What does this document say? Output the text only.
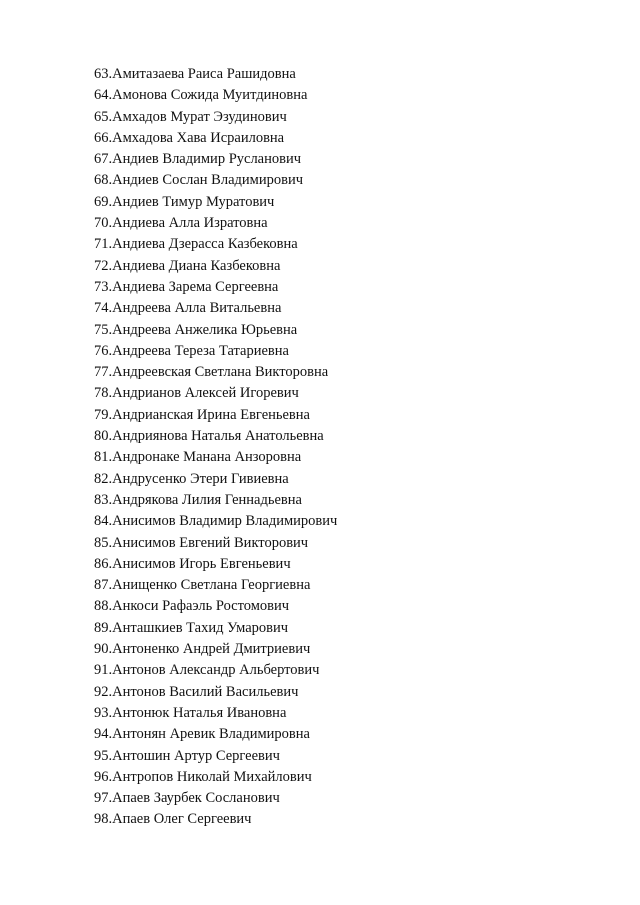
63.Амитазаева Раиса Рашидовна
64.Амонова Сожида Муитдиновна
65.Амхадов Мурат Эзудинович
66.Амхадова Хава Исраиловна
67.Андиев Владимир Русланович
68.Андиев Сослан Владимирович
69.Андиев Тимур Муратович
70.Андиева Алла Изратовна
71.Андиева Дзерасса Казбековна
72.Андиева Диана Казбековна
73.Андиева Зарема Сергеевна
74.Андреева Алла Витальевна
75.Андреева Анжелика Юрьевна
76.Андреева Тереза Татариевна
77.Андреевская Светлана Викторовна
78.Андрианов Алексей Игоревич
79.Андрианская Ирина Евгеньевна
80.Андриянова Наталья Анатольевна
81.Андронаке Манана Анзоровна
82.Андрусенко Этери Гивиевна
83.Андрякова Лилия Геннадьевна
84.Анисимов Владимир Владимирович
85.Анисимов Евгений Викторович
86.Анисимов Игорь Евгеньевич
87.Анищенко Светлана Георгиевна
88.Анкоси Рафаэль Ростомович
89.Анташкиев Тахид Умарович
90.Антоненко Андрей Дмитриевич
91.Антонов Александр Альбертович
92.Антонов Василий Васильевич
93.Антонюк Наталья Ивановна
94.Антонян Аревик Владимировна
95.Антошин Артур Сергеевич
96.Антропов Николай Михайлович
97.Апаев Заурбек Сосланович
98.Апаев Олег Сергеевич
